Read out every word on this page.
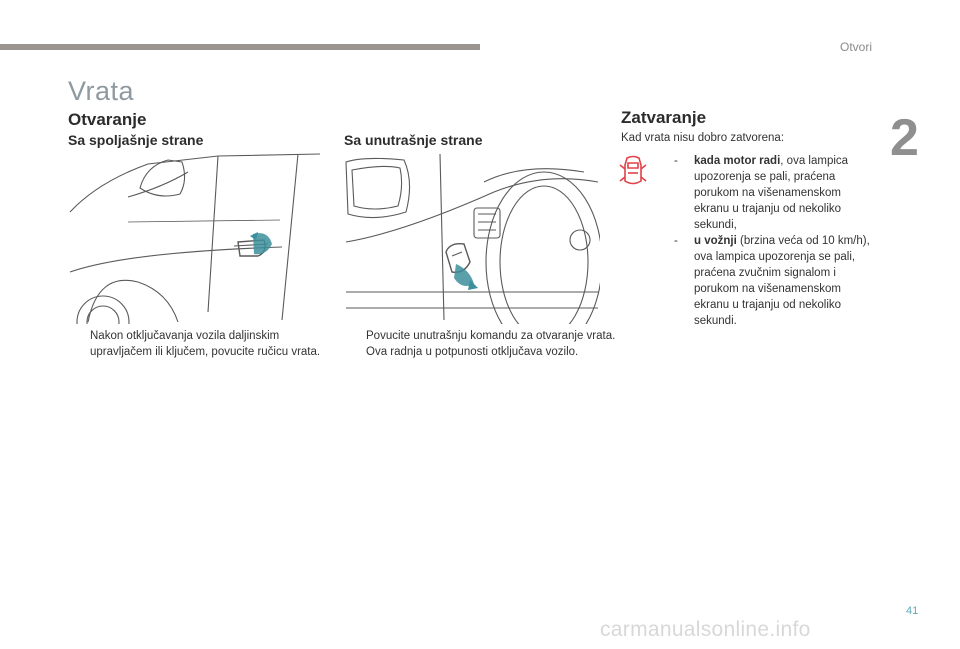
Otvori
2
Vrata
Otvaranje
Sa spoljašnje strane	Sa unutrašnje strane
Nakon otključavanja vozila daljinskim upravljačem ili ključem, povucite ručicu vrata.
Povucite unutrašnju komandu za otvaranje vrata. Ova radnja u potpunosti otključava vozilo.
Zatvaranje
Kad vrata nisu dobro zatvorena:
- kada motor radi, ova lampica upozorenja se pali, praćena porukom na višenamenskom ekranu u trajanju od nekoliko sekundi,
- u vožnji (brzina veća od 10 km/h), ova lampica upozorenja se pali, praćena zvučnim signalom i porukom na višenamenskom ekranu u trajanju od nekoliko sekundi.
41
carmanualsonline.info
